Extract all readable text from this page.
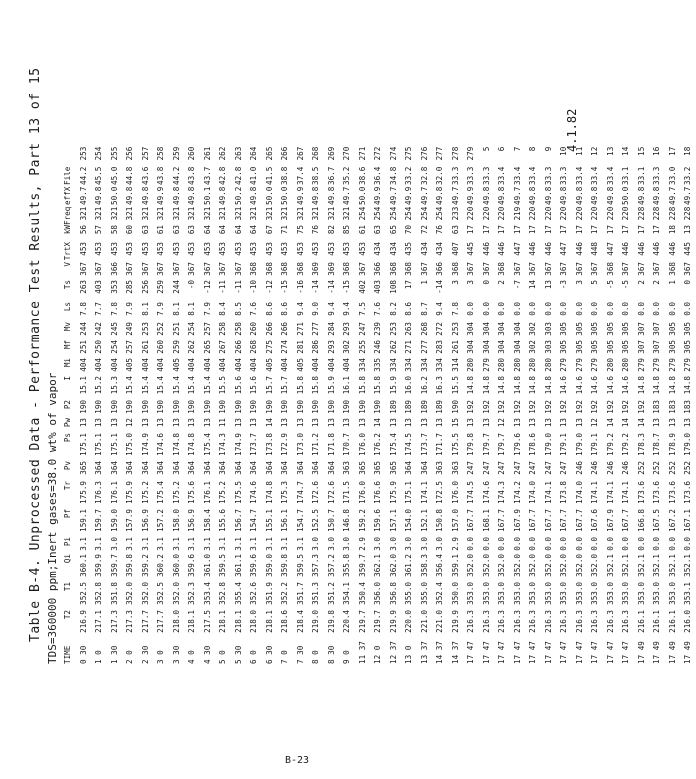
Table B-4. Unprocessed Data - Performance Test Results, Part 13 of 15 TDS=360000 ppm;Inert gases=38.0 wt% of vapor TIME	T2	T1	Qi	Pi	Pf	Tr	Pv	Ps	Pw	P2	I	Mi	Mf	Mv	Ls	Ts	V	TrtX	kW	Freq	effX	File	
0 30	216.9	352.5	360.1	3.1	159.1	175.9	365	175.1	13	190	15.1	404	251	244	7.8	263	367	453	56	321	49.7	44.2	253
1 0	217.1	352.8	359.9	3.1	159.7	176.3	364	175.1	13	190	15.2	404	250	242	7.7	403	367	453	57	321	49.8	45.5	254
1 30	217.3	351.8	359.7	3.0	159.0	176.1	364	175.1	13	190	15.3	404	254	245	7.8	353	366	453	58	321	50.0	45.0	255
2 0	217.3	352.0	359.8	3.1	157.9	175.9	364	175.0	12	190	15.4	405	257	249	7.9	285	367	453	60	321	49.8	44.8	256
2 30	217.7	352.0	359.2	3.1	156.9	175.2	364	174.9	13	190	15.4	404	261	253	8.1	256	367	453	63	321	49.8	43.6	257
3 0	217.7	352.5	360.2	3.1	157.2	175.4	364	174.6	13	190	15.4	404	260	252	7.9	259	367	453	61	321	49.9	43.8	258
3 30	218.0	352.0	360.0	3.1	158.0	175.2	364	174.8	13	190	15.4	405	259	251	8.1	244	367	453	63	321	49.8	44.2	259
4 0	218.1	352.3	359.6	3.1	156.9	175.6	364	174.8	13	190	15.4	404	262	254	8.1	-0	367	453	63	321	49.8	43.8	260
4 30	217.5	353.4	361.0	3.1	158.4	176.1	364	175.4	13	190	15.4	404	265	257	7.9	-12	367	453	64	321	50.1	43.7	261
5 0	218.1	352.8	359.5	3.1	155.6	175.2	364	174.3	11	190	15.5	404	267	258	8.4	-11	367	453	64	321	49.8	42.8	262
5 30	218.1	355.4	361.1	3.1	156.7	175.5	364	174.9	13	190	15.6	404	266	258	8.5	-11	367	453	64	321	50.2	42.8	263
6 0	218.0	352.6	359.6	3.1	154.7	174.6	364	173.7	13	190	15.6	404	268	260	7.6	-10	368	453	64	321	49.8	41.0	264
6 30	218.1	351.9	359.0	3.1	155.1	174.8	364	173.8	14	190	15.7	405	275	266	8.6	-12	368	453	67	321	50.0	41.5	265
7 0	218.6	352.2	359.8	3.1	156.1	175.3	364	172.9	13	190	15.7	404	274	266	8.6	-15	368	453	71	321	50.0	38.8	266
7 30	218.4	351.7	359.5	3.1	154.7	174.7	364	173.0	13	190	15.8	405	281	271	9.4	-16	368	453	75	321	49.9	37.4	267
8 0	219.0	351.3	357.3	3.0	152.5	172.6	364	171.2	13	190	15.8	404	286	277	9.0	-14	369	453	76	321	49.8	38.5	268
8 30	219.8	351.2	357.2	3.0	150.7	172.6	364	171.8	13	190	15.9	404	293	284	9.4	-14	369	453	82	321	49.8	36.7	269
9 0	220.4	354.1	355.8	3.0	146.8	171.5	363	170.7	13	190	16.1	404	302	293	9.4	-15	368	453	85	321	49.7	35.2	270
11 37	219.7	350.4	359.7	2.9	159.2	176.0	365	176.0	13	190	15.8	334	255	247	7.5	402	367	453	61	254	50.0	38.6	271
12 0	219.7	356.0	362.1	3.0	159.6	176.6	365	176.2	14	190	15.8	335	246	239	7.6	403	366	434	63	254	49.9	36.4	272
12 37	219.9	356.8	362.0	3.0	157.1	175.9	365	175.4	13	189	15.9	334	262	253	8.2	108	368	434	65	254	49.7	34.8	274
13 0	220.0	355.0	361.2	3.0	154.0	175.1	364	174.5	13	189	16.0	334	271	263	8.6	17	368	435	70	254	49.9	33.2	275
13 37	221.0	355.0	358.3	3.0	152.1	174.1	364	173.7	13	189	16.2	334	277	268	8.7	1	367	434	72	254	49.7	32.8	276
14 37	221.0	352.4	356.4	3.0	150.8	172.5	363	171.7	13	189	16.3	334	283	272	9.4	-14	366	434	76	254	49.8	32.0	277
14 37	219.9	350.0	359.1	2.9	157.0	176.0	363	175.5	15	190	15.5	314	261	253	7.8	3	368	407	63	233	49.7	33.3	278
17 47	216.3	353.0	352.0	0.0	167.7	174.5	247	179.8	13	192	14.8	280	304	304	0.0	3	367	445	17	220	49.9	33.3	279
17 47	216.3	353.0	352.0	0.0	168.1	174.6	247	179.7	13	192	14.8	279	304	304	0.0	0	367	446	17	220	49.8	33.3	5
17 47	216.3	353.0	352.0	0.0	167.7	174.3	247	179.7	12	192	14.8	280	304	304	0.0	2	368	446	17	220	49.8	33.4	6
17 47	216.3	353.0	352.0	0.0	167.9	174.2	247	179.6	13	192	14.8	280	304	304	0.0	-7	367	447	17	219	49.7	33.4	7
17 47	216.3	353.0	352.0	0.0	167.7	174.0	247	178.6	13	192	14.8	280	302	302	0.0	14	367	446	17	220	49.8	33.4	8
17 47	216.3	353.0	352.0	0.0	167.7	174.1	247	179.0	13	192	14.8	280	303	303	0.0	13	367	446	17	220	49.8	33.3	9
17 47	216.3	353.0	352.0	0.0	167.7	173.8	247	179.1	13	192	14.6	279	305	305	0.0	-3	367	447	17	220	49.8	33.3	10
17 47	216.3	353.0	352.0	0.0	167.7	174.0	246	179.0	13	192	14.6	279	305	305	0.0	3	367	446	17	220	49.8	33.4	11
17 47	216.3	353.0	352.0	0.0	167.6	174.1	246	179.1	12	192	14.6	279	305	305	0.0	5	367	448	17	220	49.8	33.4	12
17 47	216.3	353.0	352.1	0.0	167.9	174.1	246	179.2	14	192	14.6	280	305	305	0.0	-5	368	447	17	220	49.8	33.4	13
17 47	216.3	353.0	352.1	0.0	167.7	174.1	246	179.2	14	192	14.6	280	305	305	0.0	-5	367	446	17	220	50.0	33.1	14
17 49	216.1	353.0	352.1	0.0	166.8	173.6	252	178.3	14	192	14.8	279	307	307	0.0	2	367	446	17	228	49.8	33.1	15
17 49	216.1	353.0	352.1	0.0	167.5	173.6	252	178.7	13	183	14.8	279	307	307	0.0	2	367	446	17	228	49.8	33.3	16
17 49	216.1	353.0	352.1	0.0	167.2	173.6	252	178.9	13	183	14.8	279	305	305	0.0	1	368	446	18	228	49.7	33.0	17
17 49	216.0	353.1	352.1	0.0	167.1	173.6	252	179.0	13	183	14.8	279	305	305	0.0	0	367	445	13	228	49.7	33.2	18
4.1.82
B-23
